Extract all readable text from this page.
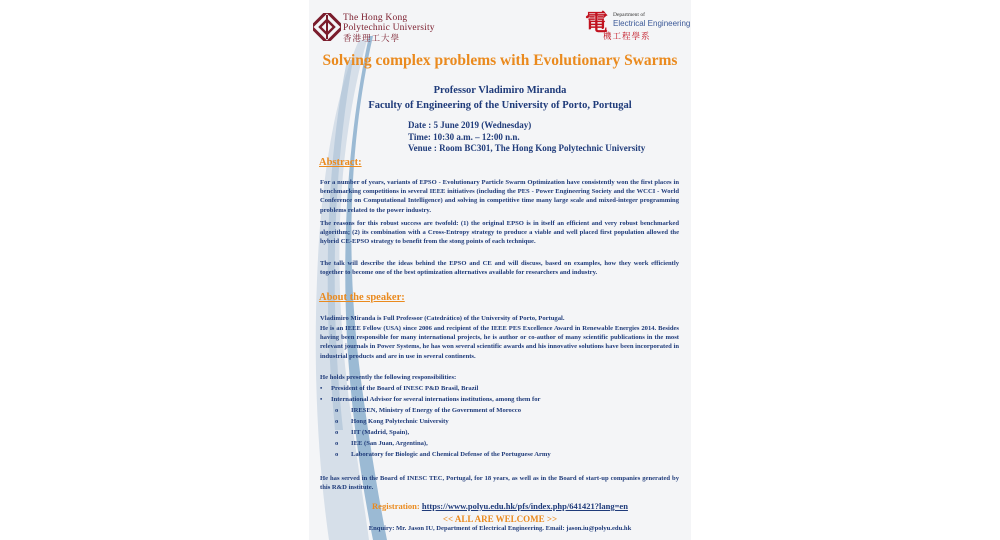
The Hong Kong
Polytechnic University
香港理工大學
電 Department of
Electrical Engineering
機工程學系
Solving complex problems with Evolutionary Swarms
Professor Vladimiro Miranda
Faculty of Engineering of the University of Porto, Portugal
Date : 5 June 2019 (Wednesday)
Time: 10:30 a.m. – 12:00 n.n.
Venue : Room BC301, The Hong Kong Polytechnic University
Abstract:
For a number of years, variants of EPSO - Evolutionary Particle Swarm Optimization have consistently won the first places in benchmarking competitions in several IEEE initiatives (including the PES - Power Engineering Society and the WCCI - World Conference on Computational Intelligence) and solving in competitive time many large scale and mixed-integer programming problems related to the power industry.
The reasons for this robust success are twofold: (1) the original EPSO is in itself an efficient and very robust benchmarked algorithm; (2) its combination with a Cross-Entropy strategy to produce a viable and well placed first population allowed the hybrid CE-EPSO strategy to benefit from the stong points of each technique.
The talk will describe the ideas behind the EPSO and CE and will discuss, based on examples, how they work efficiently together to become one of the best optimization alternatives available for researchers and industry.
About the speaker:
Vladimiro Miranda is Full Professor (Catedrático) of the University of Porto, Portugal.
He is an IEEE Fellow (USA) since 2006 and recipient of the IEEE PES Excellence Award in Renewable Energies 2014. Besides having been responsible for many international projects, he is author or co-author of many scientific publications in the most relevant journals in Power Systems, he has won several scientific awards and his innovative solutions have been incorporated in industrial products and are in use in several continents.
He holds presently the following responsibilities:
• President of the Board of INESC P&D Brasil, Brazil
• International Advisor for several internations institutions, among them for
o IRESEN, Ministry of Energy of the Government of Morocco
o Hong Kong Polytechnic University
o IIT (Madrid, Spain),
o IEE (San Juan, Argentina),
o Laboratory for Biologic and Chemical Defense of the Portuguese Army
He has served in the Board of INESC TEC, Portugal, for 18 years, as well as in the Board of start-up companies generated by this R&D institute.
Registration: https://www.polyu.edu.hk/pfs/index.php/641421?lang=en
<< ALL ARE WELCOME >>
Enquiry: Mr. Jason IU, Department of Electrical Engineering. Email: jason.iu@polyu.edu.hk
